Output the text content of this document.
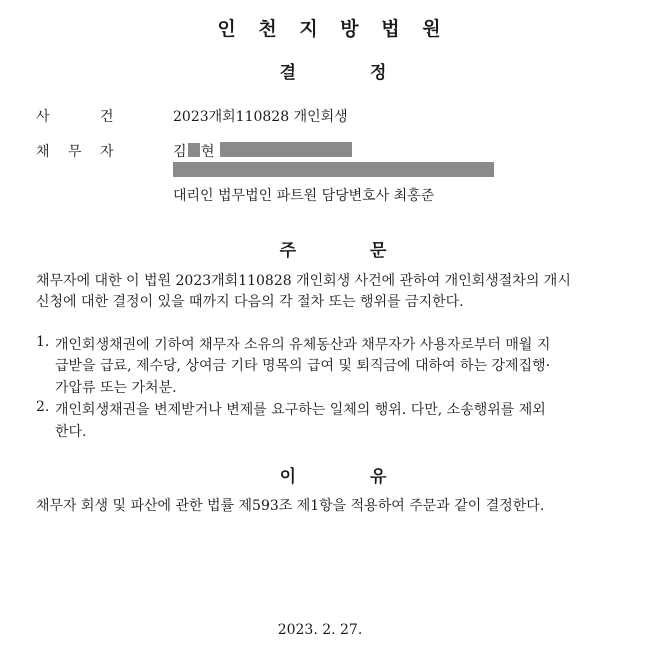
인 천 지 방 법 원
결 정
사	건	2023개회110828 개인회생
채 무 자	김 현
대리인 법무법인 파트원 담당변호사 최홍준
주 문
채무자에 대한 이 법원 2023개회110828 개인회생 사건에 관하여 개인회생절차의 개시
신청에 대한 결정이 있을 때까지 다음의 각 절차 또는 행위를 금지한다.
1. 개인회생채권에 기하여 채무자 소유의 유체동산과 채무자가 사용자로부터 매월 지
급받을 급료, 제수당, 상여금 기타 명목의 급여 및 퇴직금에 대하여 하는 강제집행·
가압류 또는 가처분.
2. 개인회생채권을 변제받거나 변제를 요구하는 일체의 행위. 다만, 소송행위를 제외
한다.
이 유
채무자 회생 및 파산에 관한 법률 제593조 제1항을 적용하여 주문과 같이 결정한다.
2023. 2. 27.
